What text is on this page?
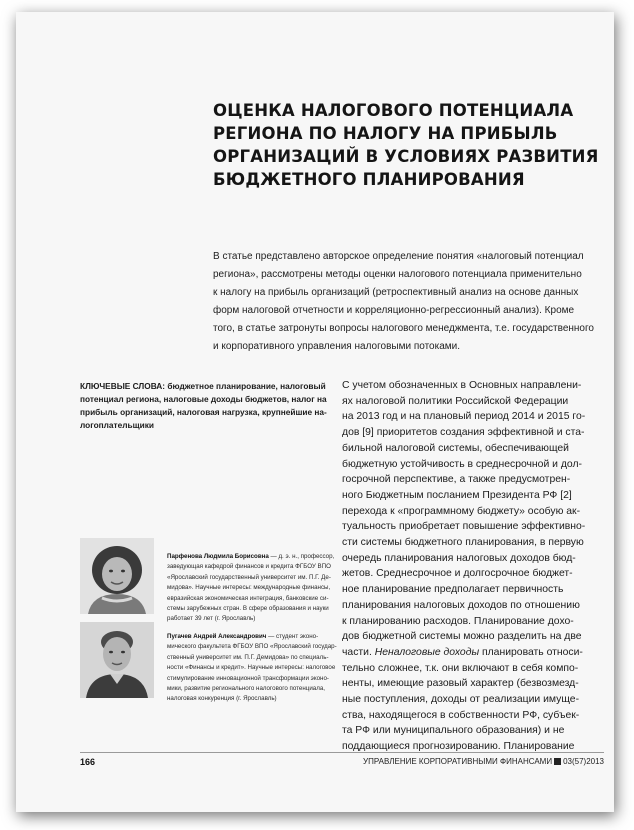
ОЦЕНКА НАЛОГОВОГО ПОТЕНЦИАЛА
РЕГИОНА ПО НАЛОГУ НА ПРИБЫЛЬ
ОРГАНИЗАЦИЙ В УСЛОВИЯХ РАЗВИТИЯ
БЮДЖЕТНОГО ПЛАНИРОВАНИЯ
В статье представлено авторское определение понятия «налоговый потенциал
региона», рассмотрены методы оценки налогового потенциала применительно
к налогу на прибыль организаций (ретроспективный анализ на основе данных
форм налоговой отчетности и корреляционно-регрессионный анализ). Кроме
того, в статье затронуты вопросы налогового менеджмента, т.е. государственного
и корпоративного управления налоговыми потоками.
КЛЮЧЕВЫЕ СЛОВА: бюджетное планирование, налоговый
потенциал региона, налоговые доходы бюджетов, налог на
прибыль организаций, налоговая нагрузка, крупнейшие на-
логоплательщики
С учетом обозначенных в Основных направлени-
ях налоговой политики Российской Федерации
на 2013 год и на плановый период 2014 и 2015 го-
дов [9] приоритетов создания эффективной и ста-
бильной налоговой системы, обеспечивающей
бюджетную устойчивость в среднесрочной и дол-
госрочной перспективе, а также предусмотрен-
ного Бюджетным посланием Президента РФ [2]
перехода к «программному бюджету» особую ак-
туальность приобретает повышение эффективно-
сти системы бюджетного планирования, в первую
очередь планирования налоговых доходов бюд-
жетов. Среднесрочное и долгосрочное бюджет-
ное планирование предполагает первичность
планирования налоговых доходов по отношению
к планированию расходов. Планирование дохо-
дов бюджетной системы можно разделить на две
части. Неналоговые доходы планировать относи-
тельно сложнее, т.к. они включают в себя компо-
ненты, имеющие разовый характер (безвозмезд-
ные поступления, доходы от реализации имуще-
ства, находящегося в собственности РФ, субъек-
та РФ или муниципального образования) и не
поддающиеся прогнозированию. Планирование
Парфенова Людмила Борисовна — д. э. н., профессор,
заведующая кафедрой финансов и кредита ФГБОУ ВПО
«Ярославский государственный университет им. П.Г. Де-
мидова». Научные интересы: международные финансы,
евразийская экономическая интеграция, банковские си-
стемы зарубежных стран. В сфере образования и науки
работает 39 лет (г. Ярославль)
Пугачев Андрей Александрович — студент эконо-
мического факультета ФГБОУ ВПО «Ярославский государ-
ственный университет им. П.Г. Демидова» по специаль-
ности «Финансы и кредит». Научные интересы: налоговое
стимулирование инновационной трансформации эконо-
мики, развитие регионального налогового потенциала,
налоговая конкуренция (г. Ярославль)
166	УПРАВЛЕНИЕ КОРПОРАТИВНЫМИ ФИНАНСАМИ 03(57)2013
